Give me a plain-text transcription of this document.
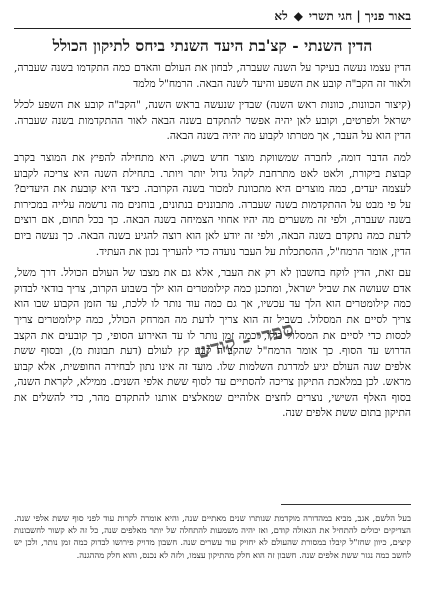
באור פניך | חגי תשרי
◆
לא
הדין השנתי - קצ'בת היעד השנתי ביחס לתיקון הכולל

הדין עצמו נעשה בעיקר על השנה שעברה, לבחון את העולם והאדם כמה התקדמו בשנה שעברה, ולאור זה הקב"ה קובע את השפע והיעד לשנה הבאה. הרמח"ל מלמד

(קיצור הכוונות, כוונות ראש השנה) שבדין שנעשה בראש השנה, "הקב"ה קובע את השפע לכלל ישראל ולפרטים, וקובע לאן יהיה אפשר להתקדם בשנה הבאה לאור ההתקדמות בשנה שעברה. הדין הוא על העבר, אך מטרתו לקבוע מה יהיה בשנה הבאה.

למה הדבר דומה, לחברה שמשווקת מוצר חדש בשוק. היא מתחילה להפיץ את המוצר בקרב קבוצת ביקורת, ולאט לאט מתרחבת לקהל גדול יותר ויותר. בתחילת השנה היא צריכה לקבוע לעצמה יעדים, כמה מוצרים היא מתכוונת למכור בשנה הקרובה. כיצד היא קובעת את היעדים? על פי מבט על ההתקדמות בשנה שעברה. מתבוננים בנתונים, בוחנים מה נרשמה עלייה במכירות בשנה שעברה, ולפי זה משערים מה יהיו אחוזי הצמיחה בשנה הבאה. כך בכל תחום, אם רוצים לדעת כמה נתקדם בשנה הבאה, ולפי זה יודע לאן הוא רוצה להגיע בשנה הבאה. כך נעשה ביום הדין, אומר הרמח"ל, ההסתכלות על העבר נועדה כדי להעריך נכון את העתיד.

עם זאת, הדין לוקח בחשבון לא רק את העבר, אלא גם את מצבו של העולם הכולל. דרך משל, אדם שעושה את שביל ישראל, ומתכנן כמה קילומטרים הוא ילך בשבוע הקרוב, צריך בודאי לבדוק כמה קילומטרים הוא הלך עד עכשיו, אך גם כמה עוד נותר לו ללכת, עד הזמן הקבוע שבו הוא צריך לסיים את המסלול. בשביל זה הוא צריך לדעת מה המרחק הכולל, כמה קילומטרים צריך לכסות כדי לסיים את המסלול כולו, וכמה זמן נותר לו עד האירוע הסופי, כך קובעים את הקצב הדרוש עד הסוף. כך אומר הרמח"ל שהקב"ה קבע קץ לעולם (דעת תבונות מ), ובסוף ששת אלפים שנה העולם יגיע למדרגת השלמות שלו. מועד זה אינו נתון לבחירה החופשית, אלא קבוע מראש. לכן במלאכת התיקון צריכה להסתיים עד לסוף ששת אלפי השנים. ממילא, לקראת השנה, בסוף האלף השישי, נוצרים לחצים אלוהיים שמאלצים אותנו להתקדם מהר, כדי להשלים את התיקון בתום ששת אלפים שנה.

בעל הלשם, אגב, מביא במהדורה מוקדמת שנותרו שנים מאתיים שנה, והיא אומרה לקרות עוד לפני סוף ששת אלפי שנה. הצדיקים יכולים להתחיל את הגאולה קודם, ואז יהיה משמעות להתחלה של יותר מאלפים שנה, כל זה לא קשור לחשבונות קיצים, כיוון שחז"ל קיבלו במסורת שהעולם לא יחזיק עוד עשרים שנה. חשבון מדויק פירושו לבדוק כמה זמן נותר, ולכן יש לחשב כמה נגזר ששת אלפים שנה. חשבון זה הוא חלק מהתיקון עצמו, ולזה לא נכנס, והוא חלק מההגנה.
ספרי - קודש
